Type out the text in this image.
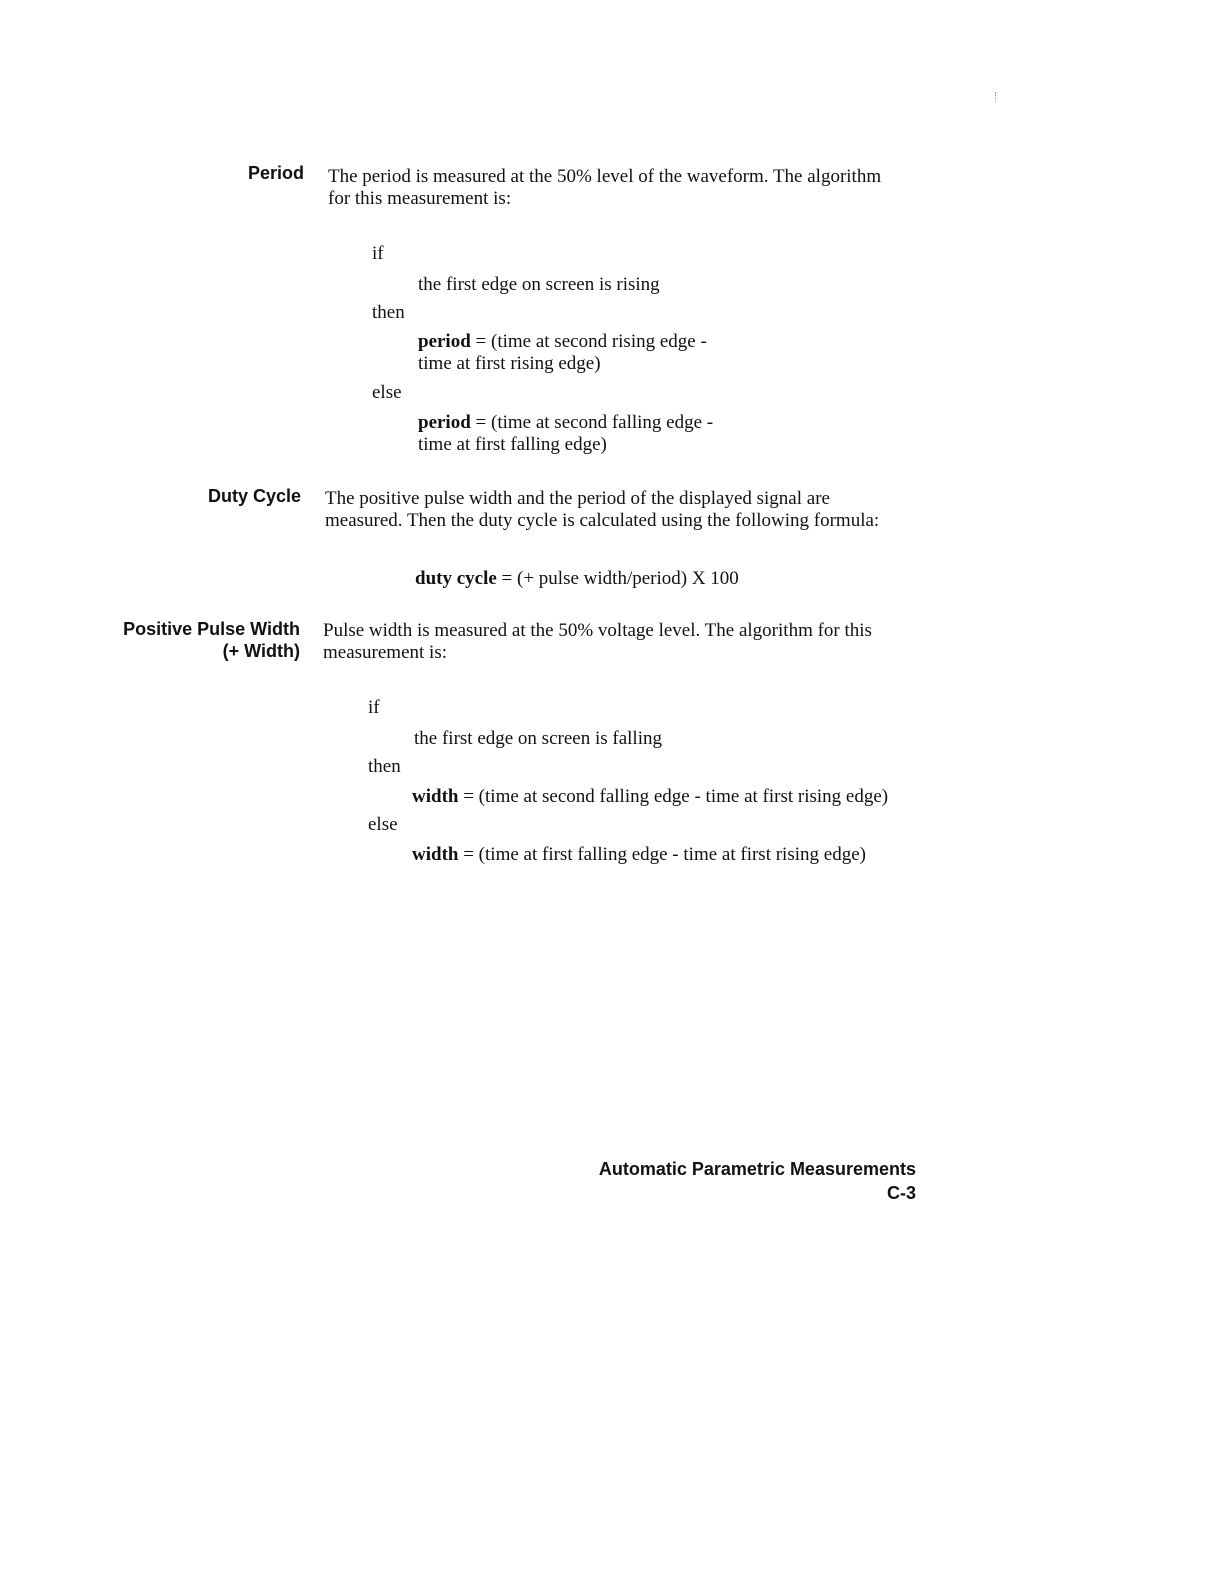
Period The period is measured at the 50% level of the waveform. The algorithm
for this measurement is:
if
the first edge on screen is rising
then
period = (time at second rising edge -
time at first rising edge)
else
period = (time at second falling edge -
time at first falling edge)
Duty Cycle The positive pulse width and the period of the displayed signal are
measured. Then the duty cycle is calculated using the following formula:
duty cycle = (+ pulse width/period) X 100
Positive Pulse Width
(+ Width)
Pulse width is measured at the 50% voltage level. The algorithm for this
measurement is:
if
the first edge on screen is falling
then
width = (time at second falling edge - time at first rising edge)
else
width = (time at first falling edge - time at first rising edge)
Automatic Parametric Measurements
C-3
